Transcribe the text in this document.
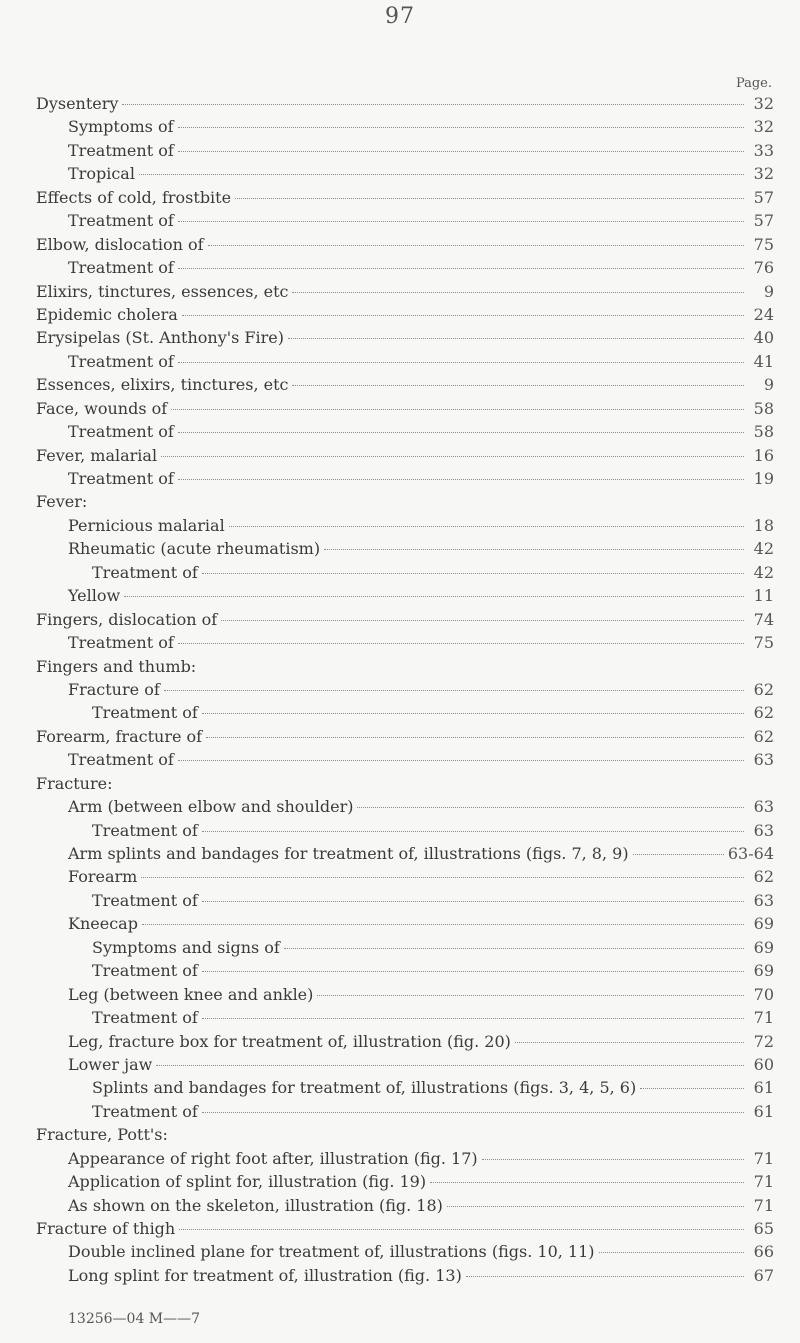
97
Page.
Dysentery	32
Symptoms of	32
Treatment of	33
Tropical	32
Effects of cold, frostbite	57
Treatment of	57
Elbow, dislocation of	75
Treatment of	76
Elixirs, tinctures, essences, etc	9
Epidemic cholera	24
Erysipelas (St. Anthony's Fire)	40
Treatment of	41
Essences, elixirs, tinctures, etc	9
Face, wounds of	58
Treatment of	58
Fever, malarial	16
Treatment of	19
Fever:
Pernicious malarial	18
Rheumatic (acute rheumatism)	42
Treatment of	42
Yellow	11
Fingers, dislocation of	74
Treatment of	75
Fingers and thumb:
Fracture of	62
Treatment of	62
Forearm, fracture of	62
Treatment of	63
Fracture:
Arm (between elbow and shoulder)	63
Treatment of	63
Arm splints and bandages for treatment of, illustrations (figs. 7, 8, 9)	63-64
Forearm	62
Treatment of	63
Kneecap	69
Symptoms and signs of	69
Treatment of	69
Leg (between knee and ankle)	70
Treatment of	71
Leg, fracture box for treatment of, illustration (fig. 20)	72
Lower jaw	60
Splints and bandages for treatment of, illustrations (figs. 3, 4, 5, 6)	61
Treatment of	61
Fracture, Pott's:
Appearance of right foot after, illustration (fig. 17)	71
Application of splint for, illustration (fig. 19)	71
As shown on the skeleton, illustration (fig. 18)	71
Fracture of thigh	65
Double inclined plane for treatment of, illustrations (figs. 10, 11)	66
Long splint for treatment of, illustration (fig. 13)	67
13256—04 M——7
